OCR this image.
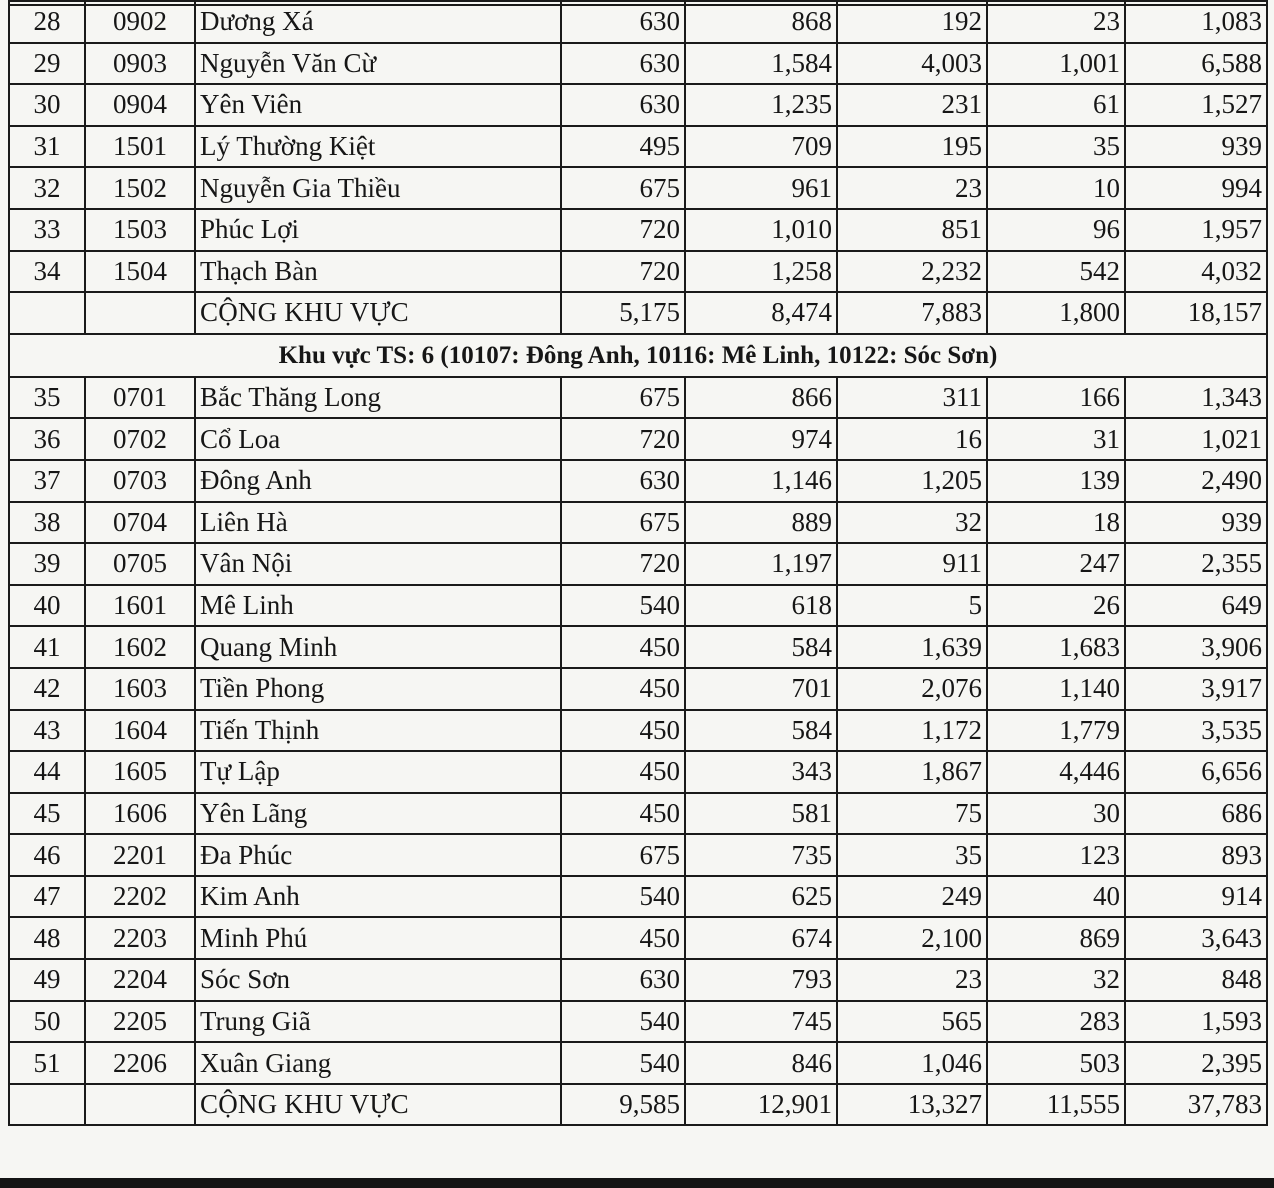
28	0902	Dương Xá	630	868	192	23	1,083
29	0903	Nguyễn Văn Cừ	630	1,584	4,003	1,001	6,588
30	0904	Yên Viên	630	1,235	231	61	1,527
31	1501	Lý Thường Kiệt	495	709	195	35	939
32	1502	Nguyễn Gia Thiều	675	961	23	10	994
33	1503	Phúc Lợi	720	1,010	851	96	1,957
34	1504	Thạch Bàn	720	1,258	2,232	542	4,032
		CỘNG KHU VỰC	5,175	8,474	7,883	1,800	18,157
Khu vực TS: 6 (10107: Đông Anh, 10116: Mê Linh, 10122: Sóc Sơn)							
35	0701	Bắc Thăng Long	675	866	311	166	1,343
36	0702	Cổ Loa	720	974	16	31	1,021
37	0703	Đông Anh	630	1,146	1,205	139	2,490
38	0704	Liên Hà	675	889	32	18	939
39	0705	Vân Nội	720	1,197	911	247	2,355
40	1601	Mê Linh	540	618	5	26	649
41	1602	Quang Minh	450	584	1,639	1,683	3,906
42	1603	Tiền Phong	450	701	2,076	1,140	3,917
43	1604	Tiến Thịnh	450	584	1,172	1,779	3,535
44	1605	Tự Lập	450	343	1,867	4,446	6,656
45	1606	Yên Lãng	450	581	75	30	686
46	2201	Đa Phúc	675	735	35	123	893
47	2202	Kim Anh	540	625	249	40	914
48	2203	Minh Phú	450	674	2,100	869	3,643
49	2204	Sóc Sơn	630	793	23	32	848
50	2205	Trung Giã	540	745	565	283	1,593
51	2206	Xuân Giang	540	846	1,046	503	2,395
		CỘNG KHU VỰC	9,585	12,901	13,327	11,555	37,783
